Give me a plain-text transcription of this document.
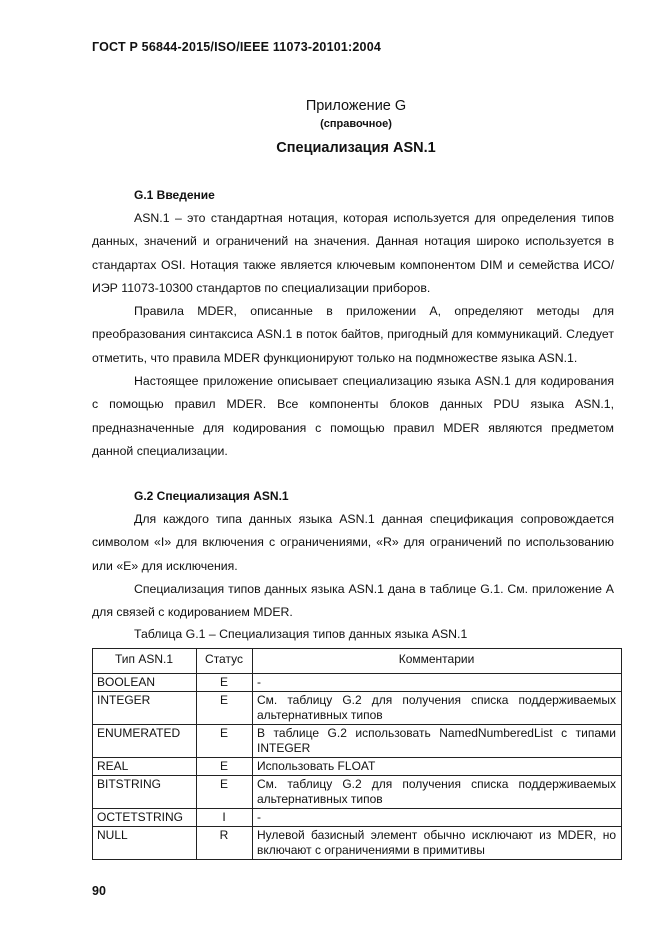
ГОСТ Р 56844-2015/ISO/IEEE 11073-20101:2004
Приложение G
(справочное)
Специализация ASN.1
G.1 Введение

ASN.1 – это стандартная нотация, которая используется для определения типов данных, значений и ограничений на значения. Данная нотация широко используется в стандартах OSI. Нотация также является ключевым компонентом DIM и семейства ИСО/ИЭР 11073-10300 стандартов по специализации приборов.

Правила MDER, описанные в приложении А, определяют методы для преобразования синтаксиса ASN.1 в поток байтов, пригодный для коммуникаций. Следует отметить, что правила MDER функционируют только на подмножестве языка ASN.1.

Настоящее приложение описывает специализацию языка ASN.1 для кодирования с помощью правил MDER. Все компоненты блоков данных PDU языка ASN.1, предназначенные для кодирования с помощью правил MDER являются предметом данной специализации.

G.2 Специализация ASN.1

Для каждого типа данных языка ASN.1 данная спецификация сопровождается символом «I» для включения с ограничениями, «R» для ограничений по использованию или «E» для исключения.

Специализация типов данных языка ASN.1 дана в таблице G.1. См. приложение А для связей с кодированием MDER.

Таблица G.1 – Специализация типов данных языка ASN.1
Тип ASN.1	Статус	Комментарии
BOOLEAN	E	-
INTEGER	E	См. таблицу G.2 для получения списка поддерживаемых альтернативных типов
ENUMERATED	E	В таблице G.2 использовать NamedNumberedList с типами INTEGER
REAL	E	Использовать FLOAT
BITSTRING	E	См. таблицу G.2 для получения списка поддерживаемых альтернативных типов
OCTETSTRING	I	-
NULL	R	Нулевой базисный элемент обычно исключают из MDER, но включают с ограничениями в примитивы
90
